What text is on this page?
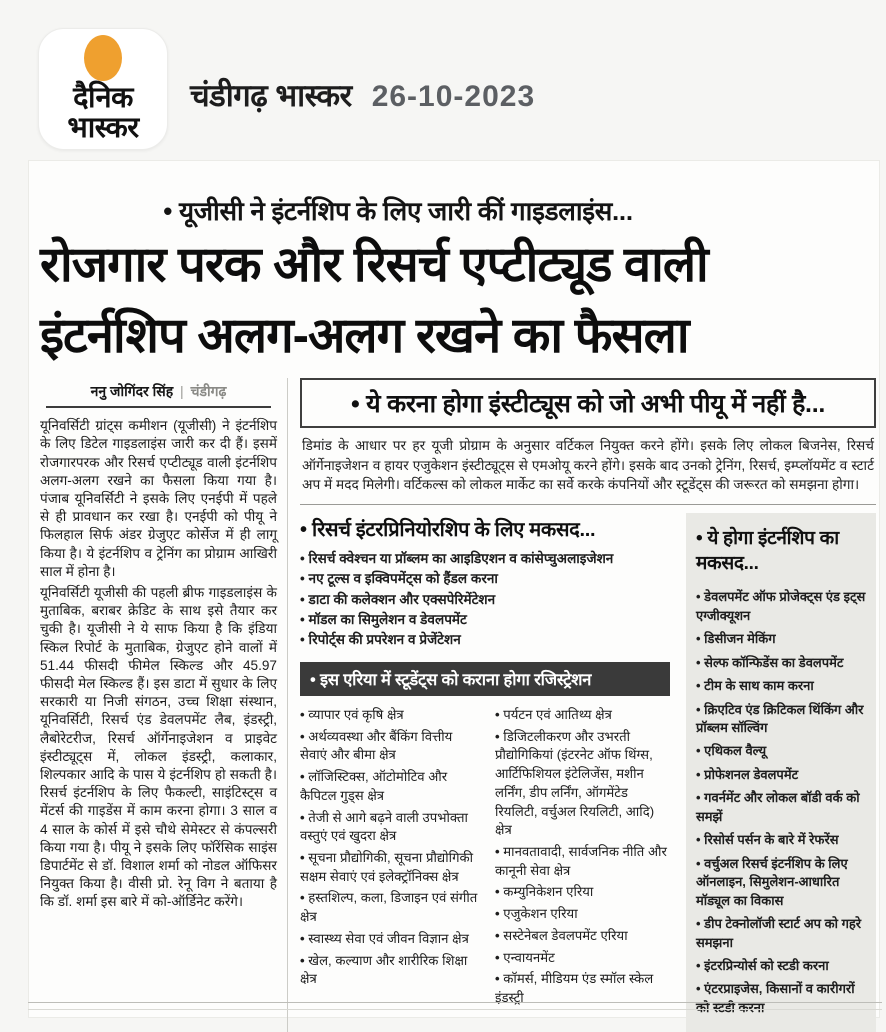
दैनिक
भास्कर
चंडीगढ़ भास्कर 26-10-2023
• यूजीसी ने इंटर्नशिप के लिए जारी कीं गाइडलाइंस...
रोजगार परक और रिसर्च एप्टीट्यूड वाली
इंटर्नशिप अलग-अलग रखने का फैसला
ननु जोगिंदर सिंह | चंडीगढ़

यूनिवर्सिटी ग्रांट्स कमीशन (यूजीसी) ने इंटर्नशिप के लिए डिटेल गाइडलाइंस जारी कर दी हैं। इसमें रोजगारपरक और रिसर्च एप्टीट्यूड वाली इंटर्नशिप अलग-अलग रखने का फैसला किया गया है। पंजाब यूनिवर्सिटी ने इसके लिए एनईपी में पहले से ही प्रावधान कर रखा है। एनईपी को पीयू ने फिलहाल सिर्फ अंडर ग्रेजुएट कोर्सेज में ही लागू किया है। ये इंटर्नशिप व ट्रेनिंग का प्रोग्राम आखिरी साल में होना है।

यूनिवर्सिटी यूजीसी की पहली ब्रीफ गाइडलाइंस के मुताबिक, बराबर क्रेडिट के साथ इसे तैयार कर चुकी है। यूजीसी ने ये साफ किया है कि इंडिया स्किल रिपोर्ट के मुताबिक, ग्रेजुएट होने वालों में 51.44 फीसदी फीमेल स्किल्ड और 45.97 फीसदी मेल स्किल्ड हैं। इस डाटा में सुधार के लिए सरकारी या निजी संगठन, उच्च शिक्षा संस्थान, यूनिवर्सिटी, रिसर्च एंड डेवलपमेंट लैब, इंडस्ट्री, लैबोरेटरीज, रिसर्च ऑर्गेनाइजेशन व प्राइवेट इंस्टीट्यूट्स में, लोकल इंडस्ट्री, कलाकार, शिल्पकार आदि के पास ये इंटर्नशिप हो सकती है। रिसर्च इंटर्नशिप के लिए फैकल्टी, साइंटिस्ट्स व मेंटर्स की गाइडेंस में काम करना होगा। 3 साल व 4 साल के कोर्स में इसे चौथे सेमेस्टर से कंपल्सरी किया गया है। पीयू ने इसके लिए फॉरेंसिक साइंस डिपार्टमेंट से डॉ. विशाल शर्मा को नोडल ऑफिसर नियुक्त किया है। वीसी प्रो. रेनू विग ने बताया है कि डॉ. शर्मा इस बारे में को-ऑर्डिनेट करेंगे।

• ये करना होगा इंस्टीट्यूस को जो अभी पीयू में नहीं है...

डिमांड के आधार पर हर यूजी प्रोग्राम के अनुसार वर्टिकल नियुक्त करने होंगे। इसके लिए लोकल बिजनेस, रिसर्च ऑर्गेनाइजेशन व हायर एजुकेशन इंस्टीट्यूट्स से एमओयू करने होंगे। इसके बाद उनको ट्रेनिंग, रिसर्च, इम्प्लॉयमेंट व स्टार्ट अप में मदद मिलेगी। वर्टिकल्स को लोकल मार्केट का सर्वे करके कंपनियों और स्टूडेंट्स की जरूरत को समझना होगा।

• रिसर्च इंटरप्रिनियोरशिप के लिए मकसद...
• रिसर्च क्वेश्चन या प्रॉब्लम का आइडिएशन व कांसेप्चुअलाइजेशन
• नए टूल्स व इक्विपमेंट्स को हैंडल करना
• डाटा की कलेक्शन और एक्सपेरिमेंटेशन
• मॉडल का सिमुलेशन व डेवलपमेंट
• रिपोर्ट्स की प्रपरेशन व प्रेजेंटेशन
• इस एरिया में स्टूडेंट्स को कराना होगा रजिस्ट्रेशन
• व्यापार एवं कृषि क्षेत्र
• अर्थव्यवस्था और बैंकिंग वित्तीय सेवाएं और बीमा क्षेत्र
• लॉजिस्टिक्स, ऑटोमोटिव और कैपिटल गुड्स क्षेत्र
• तेजी से आगे बढ़ने वाली उपभोक्ता वस्तुएं एवं खुदरा क्षेत्र
• सूचना प्रौद्योगिकी, सूचना प्रौद्योगिकी सक्षम सेवाएं एवं इलेक्ट्रॉनिक्स क्षेत्र
• हस्तशिल्प, कला, डिजाइन एवं संगीत क्षेत्र
• स्वास्थ्य सेवा एवं जीवन विज्ञान क्षेत्र
• खेल, कल्याण और शारीरिक शिक्षा क्षेत्र
• पर्यटन एवं आतिथ्य क्षेत्र
• डिजिटलीकरण और उभरती प्रौद्योगिकियां (इंटरनेट ऑफ थिंग्स, आर्टिफिशियल इंटेलिजेंस, मशीन लर्निंग, डीप लर्निंग, ऑगमेंटेड रियलिटी, वर्चुअल रियलिटी, आदि) क्षेत्र
• मानवतावादी, सार्वजनिक नीति और कानूनी सेवा क्षेत्र
• कम्युनिकेशन एरिया
• एजुकेशन एरिया
• सस्टेनेबल डेवलपमेंट एरिया
• एन्वायनमेंट
• कॉमर्स, मीडियम एंड स्मॉल स्केल इंडस्ट्री
• ये होगा इंटर्नशिप का मकसद...
• डेवलपमेंट ऑफ प्रोजेक्ट्स एंड इट्स एग्जीक्यूशन
• डिसीजन मेकिंग
• सेल्फ कॉन्फिडेंस का डेवलपमेंट
• टीम के साथ काम करना
• क्रिएटिव एंड क्रिटिकल थिंकिंग और प्रॉब्लम सॉल्विंग
• एथिकल वैल्यू
• प्रोफेशनल डेवलपमेंट
• गवर्नमेंट और लोकल बॉडी वर्क को समझें
• रिसोर्स पर्सन के बारे में रेफरेंस
• वर्चुअल रिसर्च इंटर्नशिप के लिए ऑनलाइन, सिमुलेशन-आधारित मॉड्यूल का विकास
• डीप टेक्नोलॉजी स्टार्ट अप को गहरे समझना
• इंटरप्रिन्योर्स को स्टडी करना
• एंटरप्राइजेस, किसानों व कारीगरों को स्टडी करना
